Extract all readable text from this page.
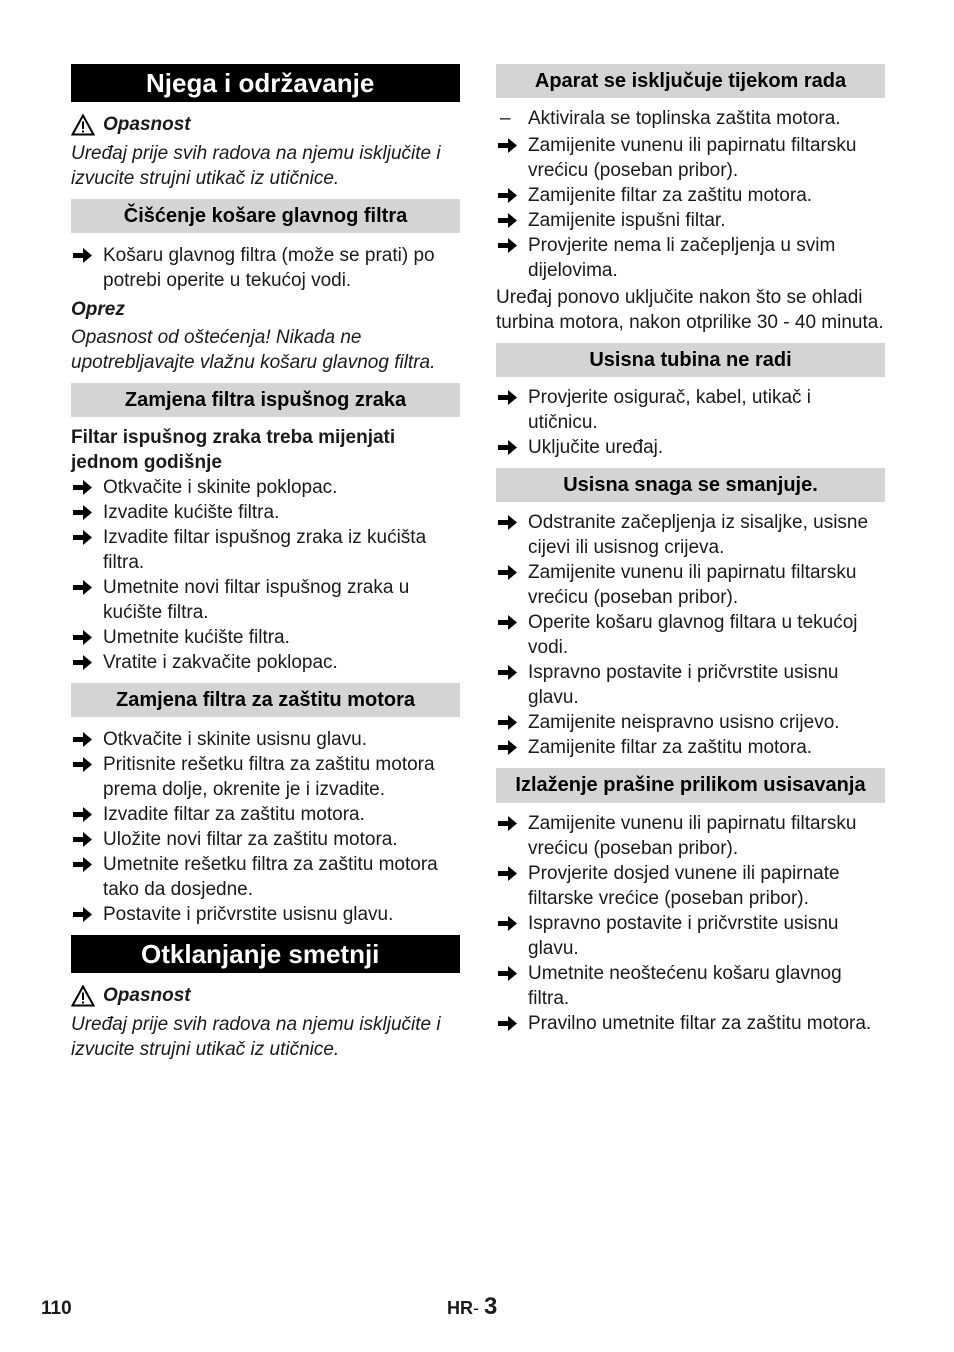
Njega i održavanje
Opasnost

Uređaj prije svih radova na njemu isključite i izvucite strujni utikač iz utičnice.

Čišćenje košare glavnog filtra
Košaru glavnog filtra (može se prati) po potrebi operite u tekućoj vodi.

Oprez

Opasnost od oštećenja! Nikada ne upotrebljavajte vlažnu košaru glavnog filtra.

Zamjena filtra ispušnog zraka

Filtar ispušnog zraka treba mijenjati jednom godišnje

Otkvačite i skinite poklopac.
Izvadite kućište filtra.
Izvadite filtar ispušnog zraka iz kućišta filtra.
Umetnite novi filtar ispušnog zraka u kućište filtra.
Umetnite kućište filtra.
Vratite i zakvačite poklopac.
Zamjena filtra za zaštitu motora
Otkvačite i skinite usisnu glavu.
Pritisnite rešetku filtra za zaštitu motora prema dolje, okrenite je i izvadite.
Izvadite filtar za zaštitu motora.
Uložite novi filtar za zaštitu motora.
Umetnite rešetku filtra za zaštitu motora tako da dosjedne.
Postavite i pričvrstite usisnu glavu.
Otklanjanje smetnji
Opasnost

Uređaj prije svih radova na njemu isključite i izvucite strujni utikač iz utičnice.

Aparat se isključuje tijekom rada
– Aktivirala se toplinska zaštita motora.
Zamijenite vunenu ili papirnatu filtarsku vrećicu (poseban pribor).
Zamijenite filtar za zaštitu motora.
Zamijenite ispušni filtar.
Provjerite nema li začepljenja u svim dijelovima.

Uređaj ponovo uključite nakon što se ohladi turbina motora, nakon otprilike 30 - 40 minuta.

Usisna tubina ne radi
Provjerite osigurač, kabel, utikač i utičnicu.
Uključite uređaj.
Usisna snaga se smanjuje.
Odstranite začepljenja iz sisaljke, usisne cijevi ili usisnog crijeva.
Zamijenite vunenu ili papirnatu filtarsku vrećicu (poseban pribor).
Operite košaru glavnog filtara u tekućoj vodi.
Ispravno postavite i pričvrstite usisnu glavu.
Zamijenite neispravno usisno crijevo.
Zamijenite filtar za zaštitu motora.
Izlaženje prašine prilikom usisavanja
Zamijenite vunenu ili papirnatu filtarsku vrećicu (poseban pribor).
Provjerite dosjed vunene ili papirnate filtarske vrećice (poseban pribor).
Ispravno postavite i pričvrstite usisnu glavu.
Umetnite neoštećenu košaru glavnog filtra.
Pravilno umetnite filtar za zaštitu motora.
110	HR- 3
